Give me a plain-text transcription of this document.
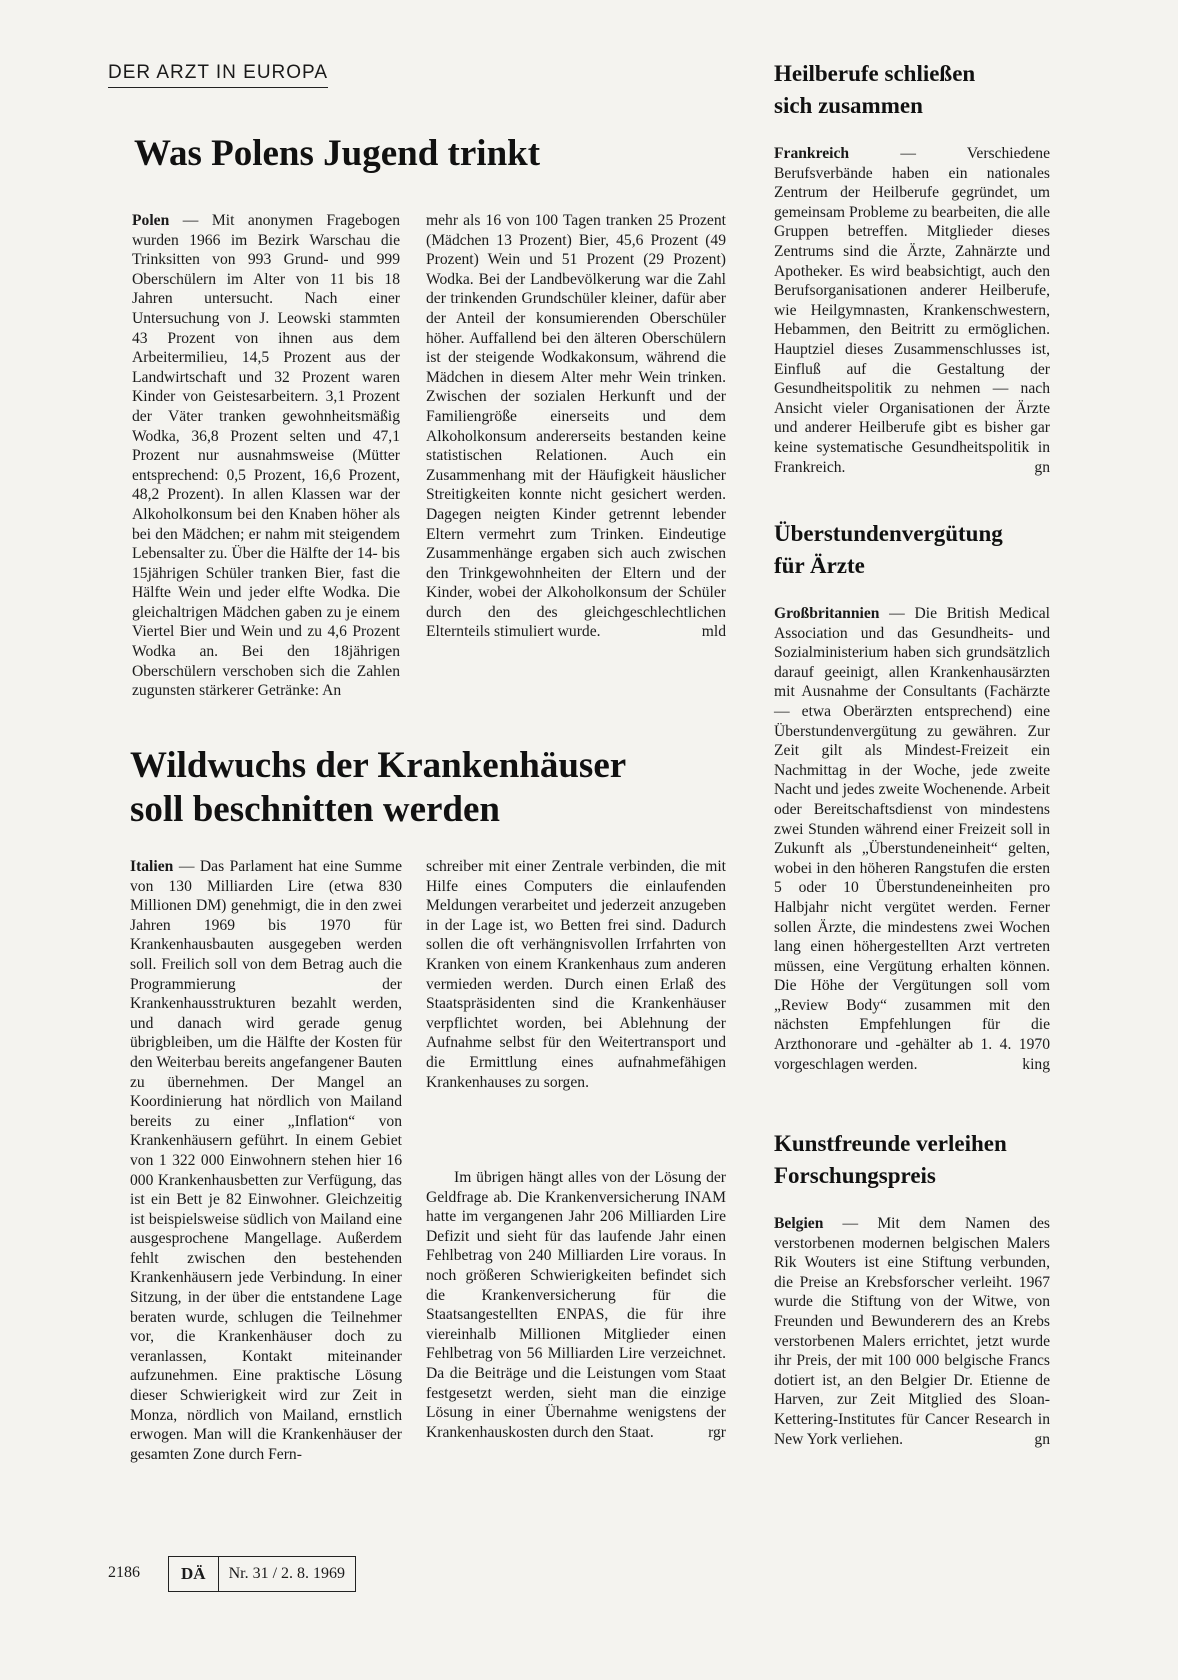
DER ARZT IN EUROPA
Was Polens Jugend trinkt

Polen — Mit anonymen Fragebogen wurden 1966 im Bezirk Warschau die Trinksitten von 993 Grund- und 999 Oberschülern im Alter von 11 bis 18 Jahren untersucht. Nach einer Untersuchung von J. Leowski stammten 43 Prozent von ihnen aus dem Arbeitermilieu, 14,5 Prozent aus der Landwirtschaft und 32 Prozent waren Kinder von Geistesarbeitern. 3,1 Prozent der Väter tranken gewohnheitsmäßig Wodka, 36,8 Prozent selten und 47,1 Prozent nur ausnahmsweise (Mütter entsprechend: 0,5 Prozent, 16,6 Prozent, 48,2 Prozent). In allen Klassen war der Alkoholkonsum bei den Knaben höher als bei den Mädchen; er nahm mit steigendem Lebensalter zu. Über die Hälfte der 14- bis 15jährigen Schüler tranken Bier, fast die Hälfte Wein und jeder elfte Wodka. Die gleichaltrigen Mädchen gaben zu je einem Viertel Bier und Wein und zu 4,6 Prozent Wodka an. Bei den 18jährigen Oberschülern verschoben sich die Zahlen zugunsten stärkerer Getränke: An

mehr als 16 von 100 Tagen tranken 25 Prozent (Mädchen 13 Prozent) Bier, 45,6 Prozent (49 Prozent) Wein und 51 Prozent (29 Prozent) Wodka. Bei der Landbevölkerung war die Zahl der trinkenden Grundschüler kleiner, dafür aber der Anteil der konsumierenden Oberschüler höher. Auffallend bei den älteren Oberschülern ist der steigende Wodkakonsum, während die Mädchen in diesem Alter mehr Wein trinken. Zwischen der sozialen Herkunft und der Familiengröße einerseits und dem Alkoholkonsum andererseits bestanden keine statistischen Relationen. Auch ein Zusammenhang mit der Häufigkeit häuslicher Streitigkeiten konnte nicht gesichert werden. Dagegen neigten Kinder getrennt lebender Eltern vermehrt zum Trinken. Eindeutige Zusammenhänge ergaben sich auch zwischen den Trinkgewohnheiten der Eltern und der Kinder, wobei der Alkoholkonsum der Schüler durch den des gleichgeschlechtlichen Elternteils stimuliert wurde.	mld

Wildwuchs der Krankenhäuser
soll beschnitten werden

Italien — Das Parlament hat eine Summe von 130 Milliarden Lire (etwa 830 Millionen DM) genehmigt, die in den zwei Jahren 1969 bis 1970 für Krankenhausbauten ausgegeben werden soll. Freilich soll von dem Betrag auch die Programmierung der Krankenhausstrukturen bezahlt werden, und danach wird gerade genug übrigbleiben, um die Hälfte der Kosten für den Weiterbau bereits angefangener Bauten zu übernehmen. Der Mangel an Koordinierung hat nördlich von Mailand bereits zu einer „Inflation“ von Krankenhäusern geführt. In einem Gebiet von 1 322 000 Einwohnern stehen hier 16 000 Krankenhausbetten zur Verfügung, das ist ein Bett je 82 Einwohner. Gleichzeitig ist beispielsweise südlich von Mailand eine ausgesprochene Mangellage. Außerdem fehlt zwischen den bestehenden Krankenhäusern jede Verbindung. In einer Sitzung, in der über die entstandene Lage beraten wurde, schlugen die Teilnehmer vor, die Krankenhäuser doch zu veranlassen, Kontakt miteinander aufzunehmen. Eine praktische Lösung dieser Schwierigkeit wird zur Zeit in Monza, nördlich von Mailand, ernstlich erwogen. Man will die Krankenhäuser der gesamten Zone durch Fern-

schreiber mit einer Zentrale verbinden, die mit Hilfe eines Computers die einlaufenden Meldungen verarbeitet und jederzeit anzugeben in der Lage ist, wo Betten frei sind. Dadurch sollen die oft verhängnisvollen Irrfahrten von Kranken von einem Krankenhaus zum anderen vermieden werden. Durch einen Erlaß des Staatspräsidenten sind die Krankenhäuser verpflichtet worden, bei Ablehnung der Aufnahme selbst für den Weitertransport und die Ermittlung eines aufnahmefähigen Krankenhauses zu sorgen.

Im übrigen hängt alles von der Lösung der Geldfrage ab. Die Krankenversicherung INAM hatte im vergangenen Jahr 206 Milliarden Lire Defizit und sieht für das laufende Jahr einen Fehlbetrag von 240 Milliarden Lire voraus. In noch größeren Schwierigkeiten befindet sich die Krankenversicherung für die Staatsangestellten ENPAS, die für ihre viereinhalb Millionen Mitglieder einen Fehlbetrag von 56 Milliarden Lire verzeichnet. Da die Beiträge und die Leistungen vom Staat festgesetzt werden, sieht man die einzige Lösung in einer Übernahme wenigstens der Krankenhauskosten durch den Staat.	rgr

Heilberufe schließen
sich zusammen

Frankreich — Verschiedene Berufsverbände haben ein nationales Zentrum der Heilberufe gegründet, um gemeinsam Probleme zu bearbeiten, die alle Gruppen betreffen. Mitglieder dieses Zentrums sind die Ärzte, Zahnärzte und Apotheker. Es wird beabsichtigt, auch den Berufsorganisationen anderer Heilberufe, wie Heilgymnasten, Krankenschwestern, Hebammen, den Beitritt zu ermöglichen. Hauptziel dieses Zusammenschlusses ist, Einfluß auf die Gestaltung der Gesundheitspolitik zu nehmen — nach Ansicht vieler Organisationen der Ärzte und anderer Heilberufe gibt es bisher gar keine systematische Gesundheitspolitik in Frankreich.	gn

Überstundenvergütung
für Ärzte

Großbritannien — Die British Medical Association und das Gesundheits- und Sozialministerium haben sich grundsätzlich darauf geeinigt, allen Krankenhausärzten mit Ausnahme der Consultants (Fachärzte — etwa Oberärzten entsprechend) eine Überstundenvergütung zu gewähren. Zur Zeit gilt als Mindest-Freizeit ein Nachmittag in der Woche, jede zweite Nacht und jedes zweite Wochenende. Arbeit oder Bereitschaftsdienst von mindestens zwei Stunden während einer Freizeit soll in Zukunft als „Überstundeneinheit“ gelten, wobei in den höheren Rangstufen die ersten 5 oder 10 Überstundeneinheiten pro Halbjahr nicht vergütet werden. Ferner sollen Ärzte, die mindestens zwei Wochen lang einen höhergestellten Arzt vertreten müssen, eine Vergütung erhalten können. Die Höhe der Vergütungen soll vom „Review Body“ zusammen mit den nächsten Empfehlungen für die Arzthonorare und -gehälter ab 1. 4. 1970 vorgeschlagen werden.	king

Kunstfreunde verleihen
Forschungspreis

Belgien — Mit dem Namen des verstorbenen modernen belgischen Malers Rik Wouters ist eine Stiftung verbunden, die Preise an Krebsforscher verleiht. 1967 wurde die Stiftung von der Witwe, von Freunden und Bewunderern des an Krebs verstorbenen Malers errichtet, jetzt wurde ihr Preis, der mit 100 000 belgische Francs dotiert ist, an den Belgier Dr. Etienne de Harven, zur Zeit Mitglied des Sloan-Kettering-Institutes für Cancer Research in New York verliehen.	gn

2186	DÄ	Nr. 31 / 2. 8. 1969
